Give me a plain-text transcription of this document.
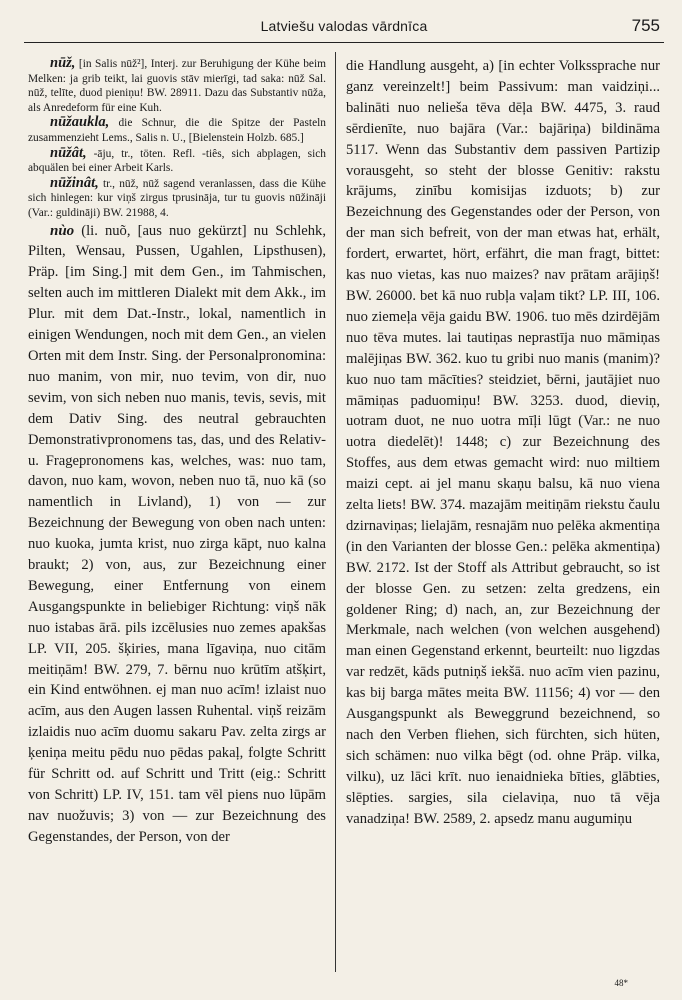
Latviešu valodas vārdnīca	755

nūž, [in Salis nūž²], Interj. zur Beruhigung der Kühe beim Melken: ja grib teikt, lai guovis stāv mierīgi, tad saka: nūž Sal. nūž, telīte, duod pieniņu! BW. 28911. Dazu das Substantiv nūža, als Anredeform für eine Kuh.

nūžaukla, die Schnur, die die Spitze der Pasteln zusammenzieht Lems., Salis n. U., [Bielenstein Holzb. 685.]

nūžât, -āju, tr., töten. Refl. -tiês, sich abplagen, sich abquälen bei einer Arbeit Karls.

nūžinât, tr., nūž, nūž sagend veranlassen, dass die Kühe sich hinlegen: kur viņš zirgus tprusināja, tur tu guovis nūžināji (Var.: guldināji) BW. 21988, 4.

nùo (li. nuõ, [aus nuo gekürzt] nu Schlehk, Pilten, Wensau, Pussen, Ugahlen, Lipsthusen), Präp. [im Sing.] mit dem Gen., im Tahmischen, selten auch im mittleren Dialekt mit dem Akk., im Plur. mit dem Dat.-Instr., lokal, namentlich in einigen Wendungen, noch mit dem Gen., an vielen Orten mit dem Instr. Sing. der Personalpronomina: nuo manim, von mir, nuo tevim, von dir, nuo sevim, von sich neben nuo manis, tevis, sevis, mit dem Dativ Sing. des neutral gebrauchten Demonstrativpronomens tas, das, und des Relativ- u. Fragepronomens kas, welches, was: nuo tam, davon, nuo kam, wovon, neben nuo tā, nuo kā (so namentlich in Livland), 1) von — zur Bezeichnung der Bewegung von oben nach unten: nuo kuoka, jumta krist, nuo zirga kāpt, nuo kalna braukt; 2) von, aus, zur Bezeichnung einer Bewegung, einer Entfernung von einem Ausgangspunkte in beliebiger Richtung: viņš nāk nuo istabas ārā. pils izcēlusies nuo zemes apakšas LP. VII, 205. šķiries, mana līgaviņa, nuo citām meitiņām! BW. 279, 7. bērnu nuo krūtīm atšķirt, ein Kind entwöhnen. ej man nuo acīm! izlaist nuo acīm, aus den Augen lassen Ruhental. viņš reizām izlaidis nuo acīm duomu sakaru Pav. zelta zirgs ar ķeniņa meitu pēdu nuo pēdas pakaļ, folgte Schritt für Schritt od. auf Schritt und Tritt (eig.: Schritt von Schritt) LP. IV, 151. tam vēl piens nuo lūpām nav nuožuvis; 3) von — zur Bezeichnung des Gegenstandes, der Person, von der

die Handlung ausgeht, a) [in echter Volkssprache nur ganz vereinzelt!] beim Passivum: man vaidziņi... balināti nuo nelieša tēva dēļa BW. 4475, 3. raud sērdienīte, nuo bajāra (Var.: bajāriņa) bildināma 5117. Wenn das Substantiv dem passiven Partizip vorausgeht, so steht der blosse Genitiv: rakstu krājums, zinību komisijas izduots; b) zur Bezeichnung des Gegenstandes oder der Person, von der man sich befreit, von der man etwas hat, erhält, fordert, erwartet, hört, erfährt, die man fragt, bittet: kas nuo vietas, kas nuo maizes? nav prātam arājiņš! BW. 26000. bet kā nuo rubļa vaļam tikt? LP. III, 106. nuo ziemeļa vēja gaidu BW. 1906. tuo mēs dzirdējām nuo tēva mutes. lai tautiņas neprastīja nuo māmiņas malējiņas BW. 362. kuo tu gribi nuo manis (manim)? kuo nuo tam mācīties? steidziet, bērni, jautājiet nuo māmiņas paduomiņu! BW. 3253. duod, dieviņ, uotram duot, ne nuo uotra mīļi lūgt (Var.: ne nuo uotra diedelēt)! 1448; c) zur Bezeichnung des Stoffes, aus dem etwas gemacht wird: nuo miltiem maizi cept. ai jel manu skaņu balsu, kā nuo viena zelta liets! BW. 374. mazajām meitiņām riekstu čaulu dzirnaviņas; lielajām, resnajām nuo pelēka akmentiņa (in den Varianten der blosse Gen.: pelēka akmentiņa) BW. 2172. Ist der Stoff als Attribut gebraucht, so ist der blosse Gen. zu setzen: zelta gredzens, ein goldener Ring; d) nach, an, zur Bezeichnung der Merkmale, nach welchen (von welchen ausgehend) man einen Gegenstand erkennt, beurteilt: nuo ligzdas var redzēt, kāds putniņš iekšā. nuo acīm vien pazinu, kas bij barga mātes meita BW. 11156; 4) vor — den Ausgangspunkt als Beweggrund bezeichnend, so nach den Verben fliehen, sich fürchten, sich hüten, sich schämen: nuo vilka bēgt (od. ohne Präp. vilka, vilku), uz lāci krīt. nuo ienaidnieka bīties, glābties, slēpties. sargies, sila cielaviņa, nuo tā vēja vanadziņa! BW. 2589, 2. apsedz manu augumiņu

48*
